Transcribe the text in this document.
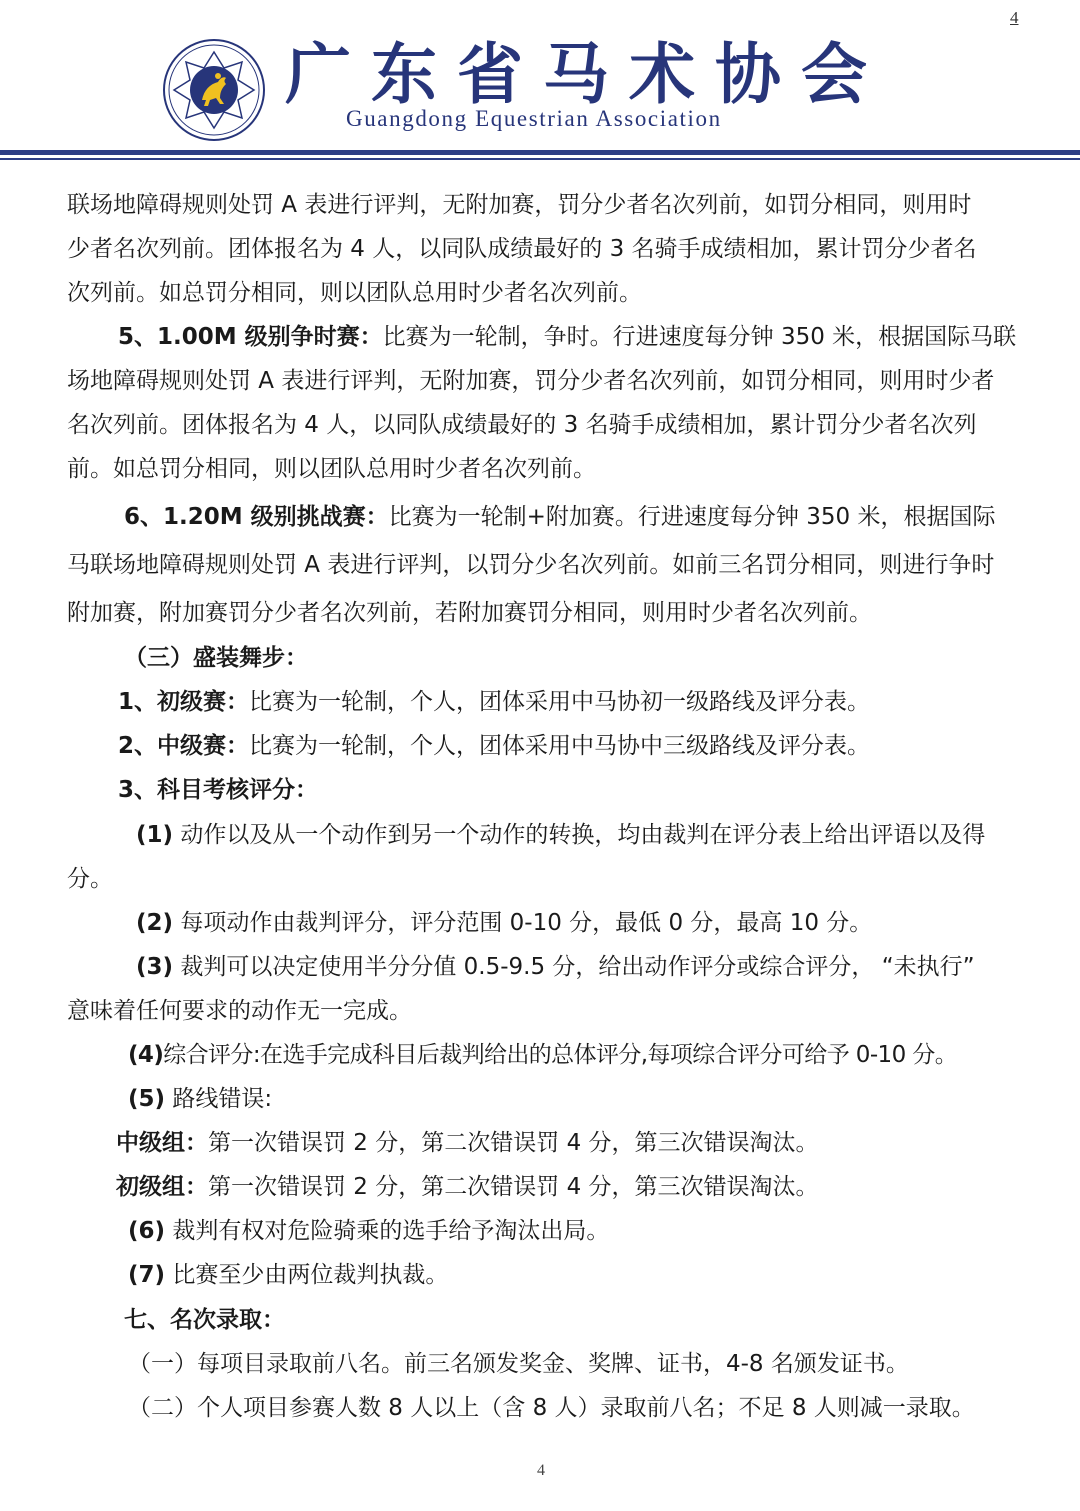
4
广东省马术协会
Guangdong Equestrian Association
联场地障碍规则处罚 A 表进行评判，无附加赛，罚分少者名次列前，如罚分相同，则用时
少者名次列前。团体报名为 4 人，以同队成绩最好的 3 名骑手成绩相加，累计罚分少者名
次列前。如总罚分相同，则以团队总用时少者名次列前。
5、1.00M 级别争时赛：比赛为一轮制，争时。行进速度每分钟 350 米，根据国际马联
场地障碍规则处罚 A 表进行评判，无附加赛，罚分少者名次列前，如罚分相同，则用时少者
名次列前。团体报名为 4 人，以同队成绩最好的 3 名骑手成绩相加，累计罚分少者名次列
前。如总罚分相同，则以团队总用时少者名次列前。
6、1.20M 级别挑战赛：比赛为一轮制+附加赛。行进速度每分钟 350 米，根据国际
马联场地障碍规则处罚 A 表进行评判，以罚分少名次列前。如前三名罚分相同，则进行争时
附加赛，附加赛罚分少者名次列前，若附加赛罚分相同，则用时少者名次列前。
（三）盛装舞步：
1、初级赛：比赛为一轮制，个人，团体采用中马协初一级路线及评分表。
2、中级赛：比赛为一轮制，个人，团体采用中马协中三级路线及评分表。
3、科目考核评分：
(1) 动作以及从一个动作到另一个动作的转换，均由裁判在评分表上给出评语以及得
分。
(2) 每项动作由裁判评分，评分范围 0-10 分，最低 0 分，最高 10 分。
(3) 裁判可以决定使用半分分值 0.5-9.5 分，给出动作评分或综合评分， “未执行”
意味着任何要求的动作无一完成。
(4)综合评分:在选手完成科目后裁判给出的总体评分,每项综合评分可给予 0-10 分。
(5) 路线错误:
中级组：第一次错误罚 2 分，第二次错误罚 4 分，第三次错误淘汰。
初级组：第一次错误罚 2 分，第二次错误罚 4 分，第三次错误淘汰。
(6) 裁判有权对危险骑乘的选手给予淘汰出局。
(7) 比赛至少由两位裁判执裁。
七、名次录取：
（一）每项目录取前八名。前三名颁发奖金、奖牌、证书，4-8 名颁发证书。
（二）个人项目参赛人数 8 人以上（含 8 人）录取前八名；不足 8 人则减一录取。
4
